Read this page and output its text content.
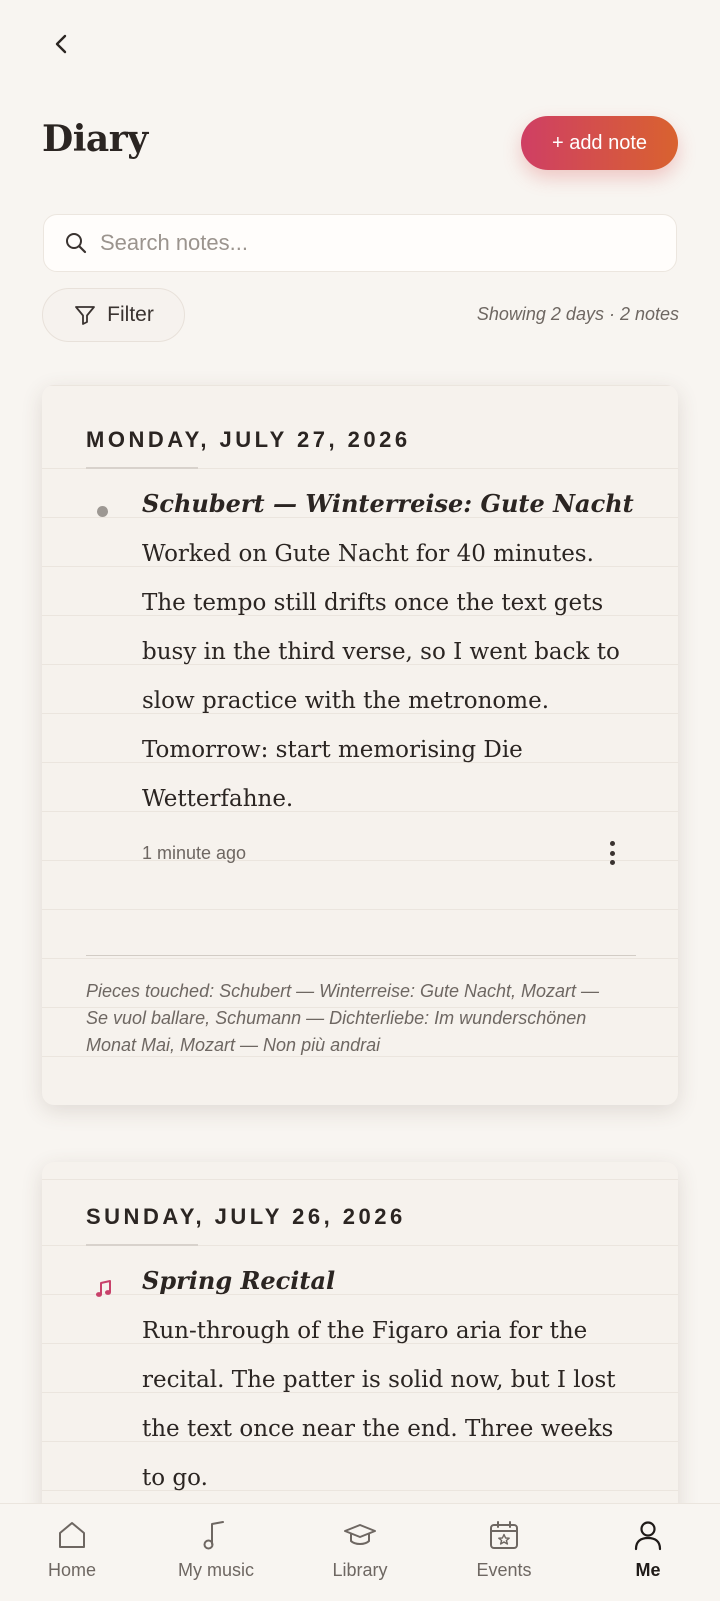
Diary	+ add note
Search notes...
Filter	Showing 2 days · 2 notes
MONDAY, JULY 27, 2026
Schubert — Winterreise: Gute Nacht
Worked on Gute Nacht for 40 minutes. The tempo still drifts once the text gets busy in the third verse, so I went back to slow practice with the metronome. Tomorrow: start memorising Die Wetterfahne.
1 minute ago
Pieces touched: Schubert — Winterreise: Gute Nacht, Mozart — Se vuol ballare, Schumann — Dichterliebe: Im wunderschönen Monat Mai, Mozart — Non più andrai
SUNDAY, JULY 26, 2026
Spring Recital
Run-through of the Figaro aria for the recital. The patter is solid now, but I lost the text once near the end. Three weeks to go.
Home	My music	Library	Events	Me
